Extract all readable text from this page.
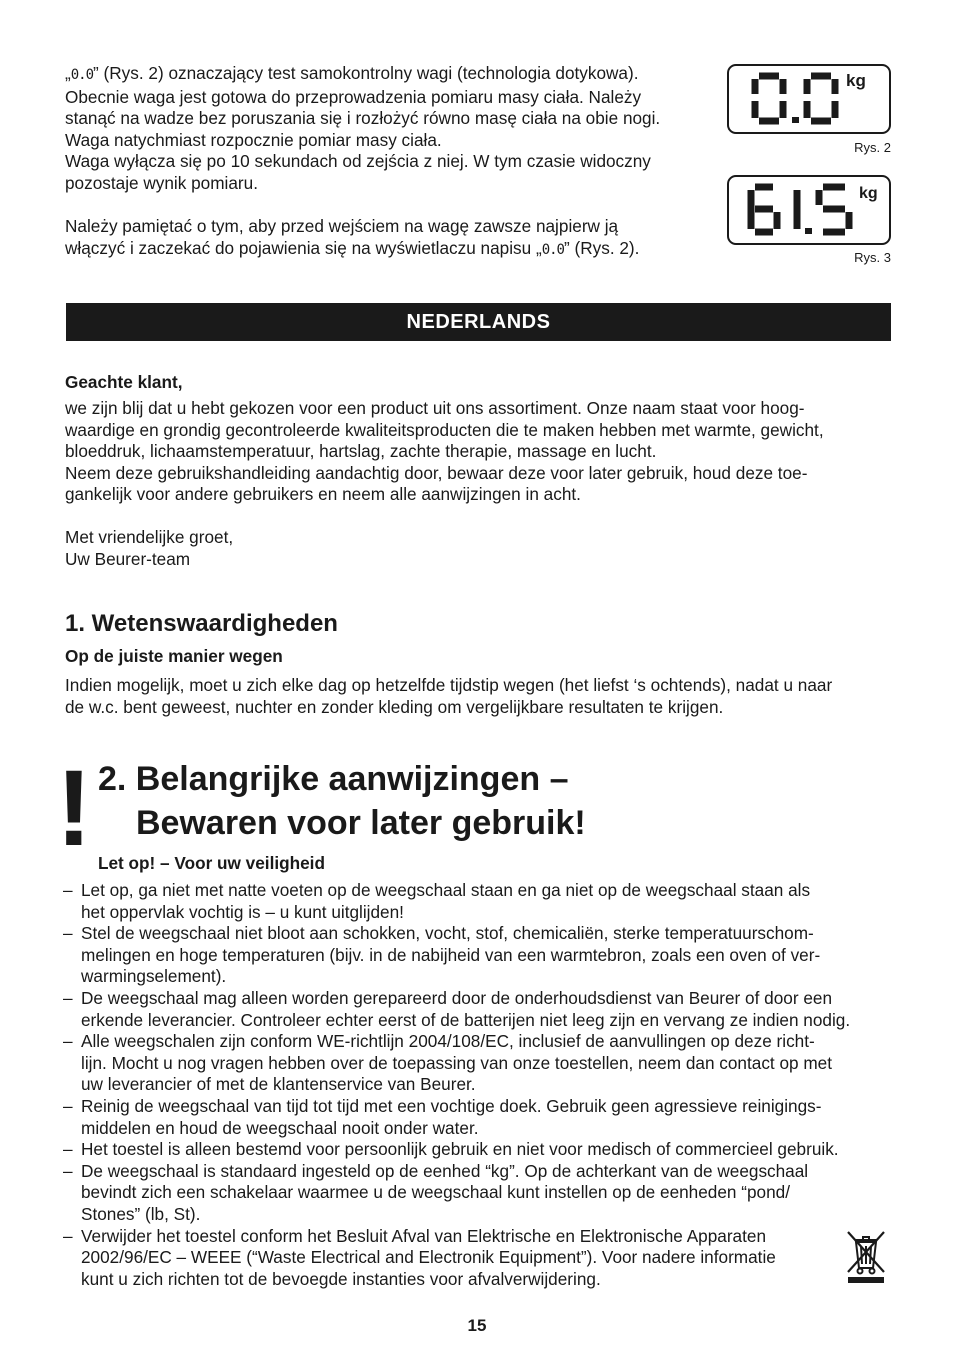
„0.0” (Rys. 2) oznaczający test samokontrolny wagi (technologia dotykowa).

Obecnie waga jest gotowa do przeprowadzenia pomiaru masy ciała. Należy

stanąć na wadze bez poruszania się i rozłożyć równo masę ciała na obie nogi.

Waga natychmiast rozpocznie pomiar masy ciała.

Waga wyłącza się po 10 sekundach od zejścia z niej. W tym czasie widoczny

pozostaje wynik pomiaru.

Należy pamiętać o tym, aby przed wejściem na wagę zawsze najpierw ją

włączyć i zaczekać do pojawienia się na wyświetlaczu napisu „0.0” (Rys. 2).

kg
Rys. 2
kg
Rys. 3
NEDERLANDS
Geachte klant,

we zijn blij dat u hebt gekozen voor een product uit ons assortiment. Onze naam staat voor hoog-

waardige en grondig gecontroleerde kwaliteitsproducten die te maken hebben met warmte, gewicht,

bloeddruk, lichaamstemperatuur, hartslag, zachte therapie, massage en lucht.

Neem deze gebruikshandleiding aandachtig door, bewaar deze voor later gebruik, houd deze toe-

gankelijk voor andere gebruikers en neem alle aanwijzingen in acht.

Met vriendelijke groet,

Uw Beurer-team

1. Wetenswaardigheden
Op de juiste manier wegen

Indien mogelijk, moet u zich elke dag op hetzelfde tijdstip wegen (het liefst ‘s ochtends), nadat u naar

de w.c. bent geweest, nuchter en zonder kleding om vergelijkbare resultaten te krijgen.

! 2. Belangrijke aanwijzingen –
Bewaren voor later gebruik!
Let op! – Voor uw veiligheid
– Let op, ga niet met natte voeten op de weegschaal staan en ga niet op de weegschaal staan als
het oppervlak vochtig is – u kunt uitglijden!
– Stel de weegschaal niet bloot aan schokken, vocht, stof, chemicaliën, sterke temperatuurschom-
melingen en hoge temperaturen (bijv. in de nabijheid van een warmtebron, zoals een oven of ver-
warmingselement).
– De weegschaal mag alleen worden gerepareerd door de onderhoudsdienst van Beurer of door een
erkende leverancier. Controleer echter eerst of de batterijen niet leeg zijn en vervang ze indien nodig.
– Alle weegschalen zijn conform WE-richtlijn 2004/108/EC, inclusief de aanvullingen op deze richt-
lijn. Mocht u nog vragen hebben over de toepassing van onze toestellen, neem dan contact op met
uw leverancier of met de klantenservice van Beurer.
– Reinig de weegschaal van tijd tot tijd met een vochtige doek. Gebruik geen agressieve reinigings-
middelen en houd de weegschaal nooit onder water.
– Het toestel is alleen bestemd voor persoonlijk gebruik en niet voor medisch of commercieel gebruik.
– De weegschaal is standaard ingesteld op de eenhed “kg”. Op de achterkant van de weegschaal
bevindt zich een schakelaar waarmee u de weegschaal kunt instellen op de eenheden “pond/
Stones” (lb, St).
– Verwijder het toestel conform het Besluit Afval van Elektrische en Elektronische Apparaten
2002/96/EC – WEEE (“Waste Electrical and Electronik Equipment”). Voor nadere informatie
kunt u zich richten tot de bevoegde instanties voor afvalverwijdering.
15
